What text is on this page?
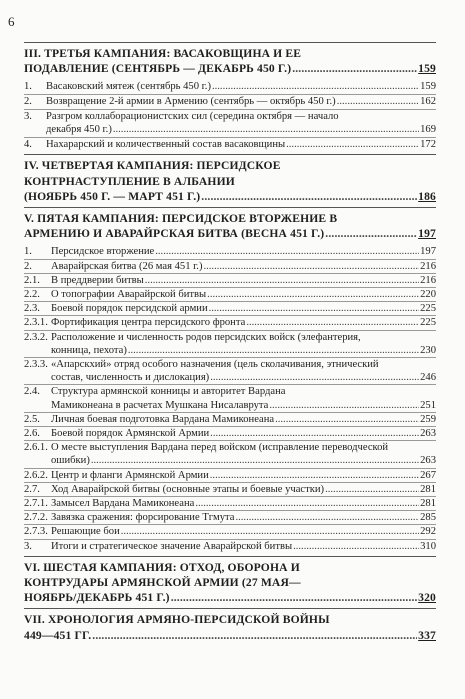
6
III. ТРЕТЬЯ КАМПАНИЯ: ВАСАКОВЩИНА И ЕЕ
ПОДАВЛЕНИЕ (СЕНТЯБРЬ — ДЕКАБРЬ 450 Г.) .....	159
1.	Васаковский мятеж (сентябрь 450 г.) .....	159
2.	Возвращение 2-й армии в Армению (сентябрь — октябрь 450 г.) .....	162
3.	Разгром коллаборационистских сил (середина октября — начало
декабря 450 г.) .....	169
4.	Нахарарский и количественный состав васаковщины .....	172
IV. ЧЕТВЕРТАЯ КАМПАНИЯ: ПЕРСИДСКОЕ
КОНТРНАСТУПЛЕНИЕ В АЛБАНИИ
(НОЯБРЬ 450 Г. — МАРТ 451 Г.) .....	186
V. ПЯТАЯ КАМПАНИЯ: ПЕРСИДСКОЕ ВТОРЖЕНИЕ В
АРМЕНИЮ И АВАРАЙРСКАЯ БИТВА (ВЕСНА 451 Г.) .....	197
1.	Персидское вторжение .....	197
2.	Аварайрская битва (26 мая 451 г.) .....	216
2.1.	В преддверии битвы .....	216
2.2.	О топографии Аварайрской битвы .....	220
2.3.	Боевой порядок персидской армии .....	225
2.3.1. Фортификация центра персидского фронта .....	225
2.3.2. Расположение и численность родов персидских войск (элефантерия,
конница, пехота) .....	230
2.3.3. «Апарскхий» отряд особого назначения (цель сколачивания, этнический
состав, численность и дислокация) .....	246
2.4.	Структура армянской конницы и авторитет Вардана
Мамиконеана в расчетах Мушкана Нисалаврута .....	251
2.5.	Личная боевая подготовка Вардана Мамиконеана .....	259
2.6.	Боевой порядок Армянской Армии .....	263
2.6.1. О месте выступления Вардана перед войском (исправление переводческой
ошибки) .....	263
2.6.2. Центр и фланги Армянской Армии .....	267
2.7.	Ход Аварайрской битвы (основные этапы и боевые участки) .....	281
2.7.1. Замысел Вардана Мамиконеана .....	281
2.7.2. Завязка сражения: форсирование Тгмута .....	285
2.7.3. Решающие бои .....	292
3.	Итоги и стратегическое значение Аварайрской битвы .....	310
VI. ШЕСТАЯ КАМПАНИЯ: ОТХОД, ОБОРОНА И
КОНТРУДАРЫ АРМЯНСКОЙ АРМИИ (27 МАЯ—
НОЯБРЬ/ДЕКАБРЬ 451 Г.) .....	320
VII. ХРОНОЛОГИЯ АРМЯНО-ПЕРСИДСКОЙ ВОЙНЫ
449—451 ГГ. .....	337
